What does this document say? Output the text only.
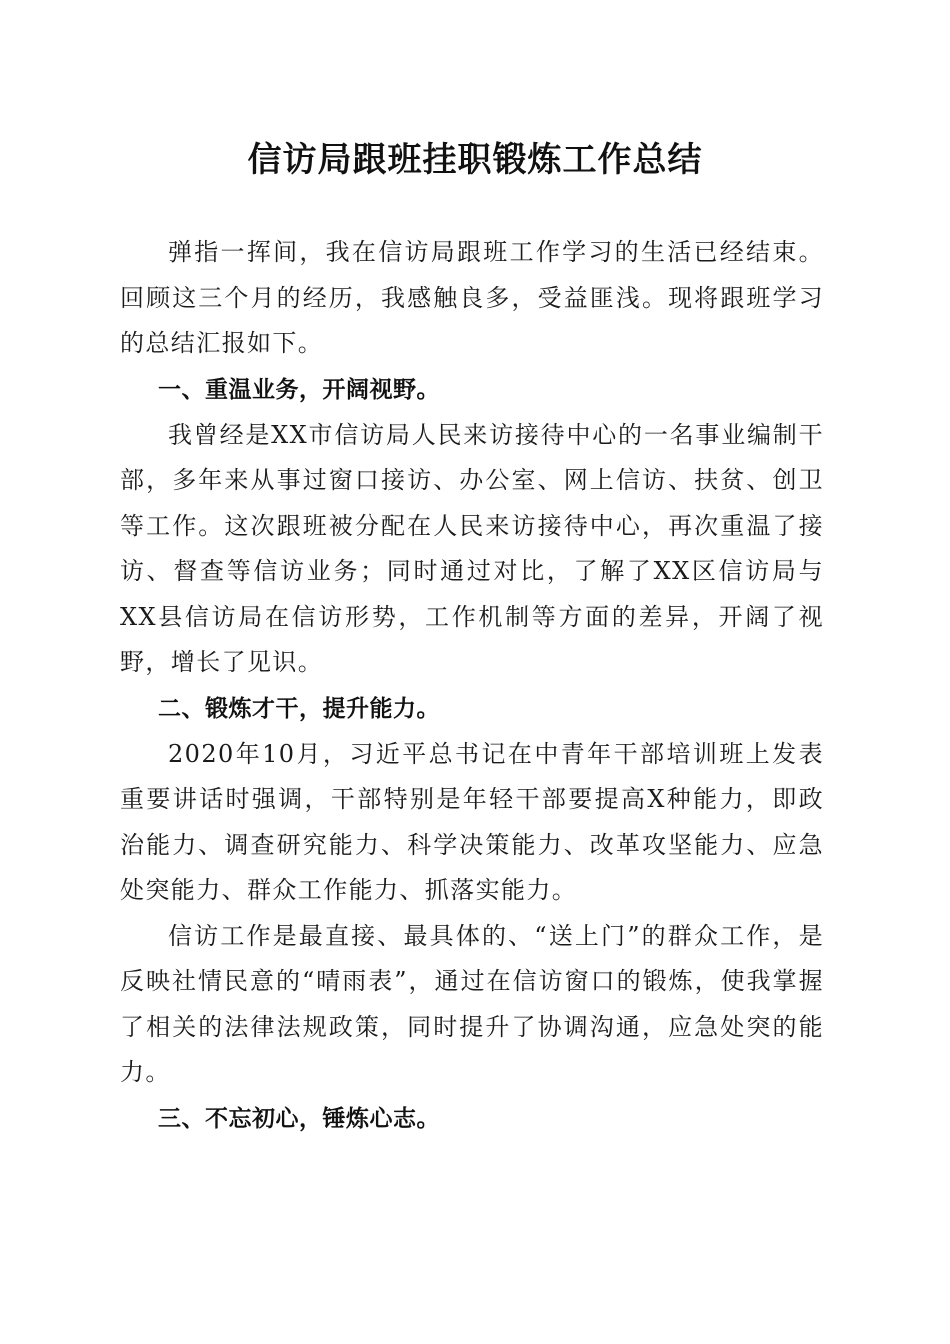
信访局跟班挂职锻炼工作总结

弹指一挥间，我在信访局跟班工作学习的生活已经结束。回顾这三个月的经历，我感触良多，受益匪浅。现将跟班学习的总结汇报如下。

一、重温业务，开阔视野。

我曾经是XX市信访局人民来访接待中心的一名事业编制干部，多年来从事过窗口接访、办公室、网上信访、扶贫、创卫等工作。这次跟班被分配在人民来访接待中心，再次重温了接访、督查等信访业务；同时通过对比，了解了XX区信访局与XX县信访局在信访形势，工作机制等方面的差异，开阔了视野，增长了见识。

二、锻炼才干，提升能力。

2020年10月，习近平总书记在中青年干部培训班上发表重要讲话时强调，干部特别是年轻干部要提高X种能力，即政治能力、调查研究能力、科学决策能力、改革攻坚能力、应急处突能力、群众工作能力、抓落实能力。

信访工作是最直接、最具体的、“送上门”的群众工作，是反映社情民意的“晴雨表”，通过在信访窗口的锻炼，使我掌握了相关的法律法规政策，同时提升了协调沟通，应急处突的能力。

三、不忘初心，锤炼心志。
